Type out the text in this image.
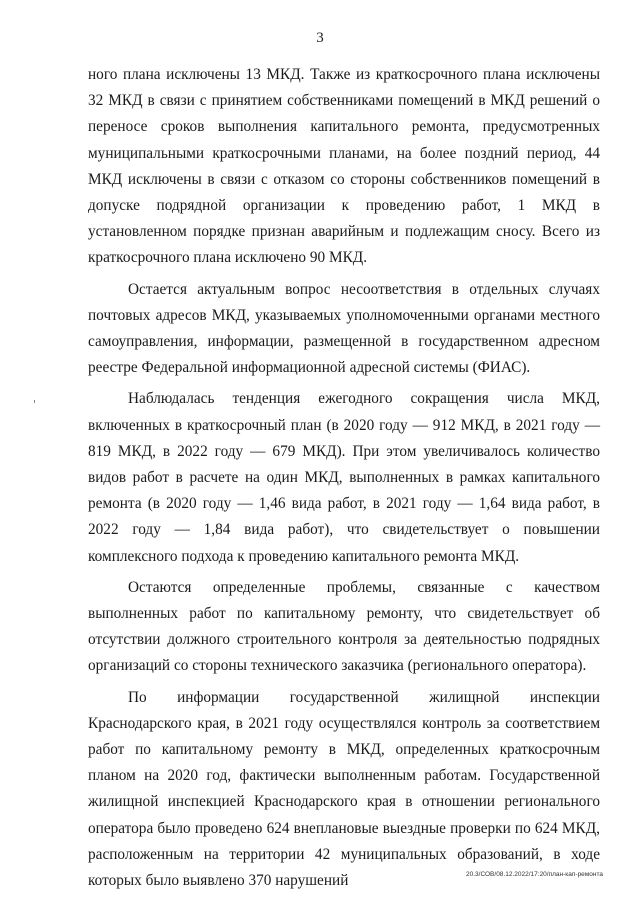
3

ного плана исключены 13 МКД. Также из краткосрочного плана исключены 32 МКД в связи с принятием собственниками помещений в МКД решений о переносе сроков выполнения капитального ремонта, предусмотренных муниципальными краткосрочными планами, на более поздний период, 44 МКД исключены в связи с отказом со стороны собственников помещений в допуске подрядной организации к проведению работ, 1 МКД в установленном порядке признан аварийным и подлежащим сносу. Всего из краткосрочного плана исключено 90 МКД.

Остается актуальным вопрос несоответствия в отдельных случаях почтовых адресов МКД, указываемых уполномоченными органами местного самоуправления, информации, размещенной в государственном адресном реестре Федеральной информационной адресной системы (ФИАС).

Наблюдалась тенденция ежегодного сокращения числа МКД, включенных в краткосрочный план (в 2020 году — 912 МКД, в 2021 году — 819 МКД, в 2022 году — 679 МКД). При этом увеличивалось количество видов работ в расчете на один МКД, выполненных в рамках капитального ремонта (в 2020 году — 1,46 вида работ, в 2021 году — 1,64 вида работ, в 2022 году — 1,84 вида работ), что свидетельствует о повышении комплексного подхода к проведению капитального ремонта МКД.

Остаются определенные проблемы, связанные с качеством выполненных работ по капитальному ремонту, что свидетельствует об отсутствии должного строительного контроля за деятельностью подрядных организаций со стороны технического заказчика (регионального оператора).

По информации государственной жилищной инспекции Краснодарского края, в 2021 году осуществлялся контроль за соответствием работ по капитальному ремонту в МКД, определенных краткосрочным планом на 2020 год, фактически выполненным работам. Государственной жилищной инспекцией Краснодарского края в отношении регионального оператора было проведено 624 внеплановые выездные проверки по 624 МКД, расположенным на территории 42 муниципальных образований, в ходе которых было выявлено 370 нарушений	20.3/СОВ/08.12.2022/17:20/план-кап-ремонта
